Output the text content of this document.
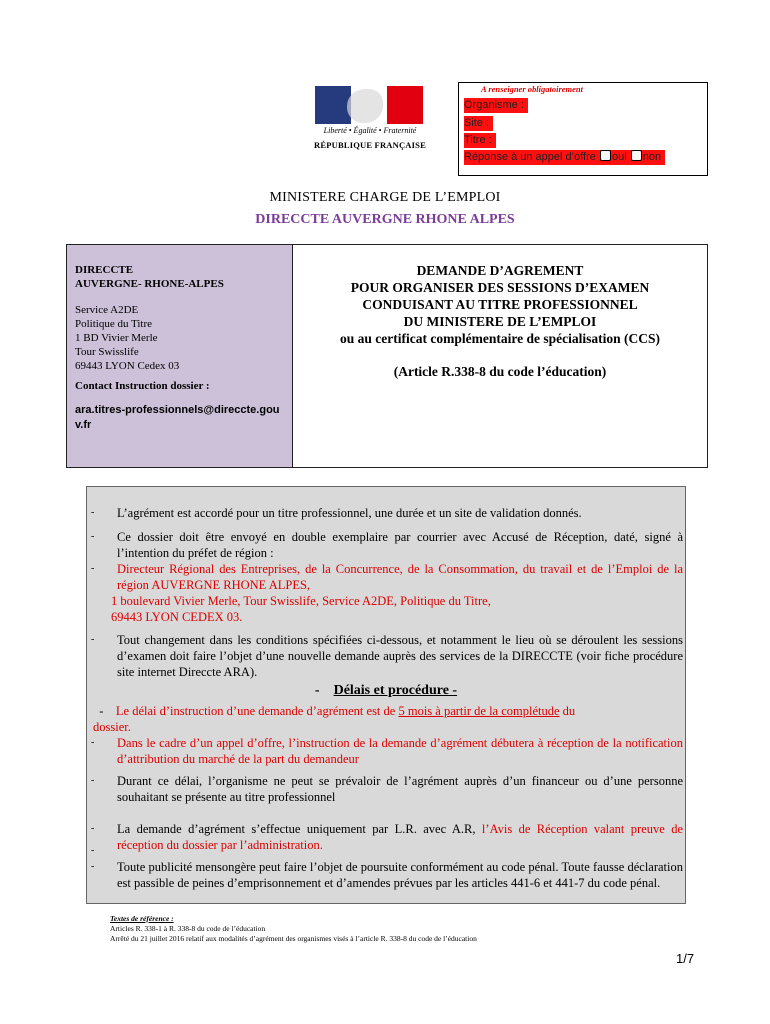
Liberté • Égalité • Fraternité
RÉPUBLIQUE FRANÇAISE
A renseigner obligatoirement
Organisme :
Site :
Titre :
Réponse à un appel d’offre oui non
MINISTERE CHARGE DE L’EMPLOI
DIRECCTE AUVERGNE RHONE ALPES
DIRECCTE
AUVERGNE- RHONE-ALPES
Service A2DE
Politique du Titre
1 BD Vivier Merle
Tour Swisslife
69443 LYON Cedex 03
Contact Instruction dossier :
ara.titres-professionnels@direccte.gouv.fr
DEMANDE D’AGREMENT
POUR ORGANISER DES SESSIONS D’EXAMEN
CONDUISANT AU TITRE PROFESSIONNEL
DU MINISTERE DE L’EMPLOI
ou au certificat complémentaire de spécialisation (CCS)
(Article R.338-8 du code l’éducation)
- L’agrément est accordé pour un titre professionnel, une durée et un site de validation donnés.
- Ce dossier doit être envoyé en double exemplaire par courrier avec Accusé de Réception, daté, signé à l’intention du préfet de région :
- Directeur Régional des Entreprises, de la Concurrence, de la Consommation, du travail et de l’Emploi de la région AUVERGNE RHONE ALPES,
1 boulevard Vivier Merle, Tour Swisslife, Service A2DE, Politique du Titre,
69443 LYON CEDEX 03.
- Tout changement dans les conditions spécifiées ci-dessous, et notamment le lieu où se déroulent les sessions d’examen doit faire l’objet d’une nouvelle demande auprès des services de la DIRECCTE (voir fiche procédure site internet Direccte ARA).
-    Délais et procédure -
-    Le délai d’instruction d’une demande d’agrément est de 5 mois à partir de la complétude du
dossier.
- Dans le cadre d’un appel d’offre, l’instruction de la demande d’agrément débutera à réception de la notification d’attribution du marché de la part du demandeur
- Durant ce délai, l’organisme ne peut se prévaloir de l’agrément auprès d’un financeur ou d’une personne souhaitant se présente au titre professionnel
- La demande d’agrément s’effectue uniquement par L.R. avec A.R, l’Avis de Réception valant preuve de réception du dossier par l’administration.
-
- Toute publicité mensongère peut faire l’objet de poursuite conformément au code pénal. Toute fausse déclaration est passible de peines d’emprisonnement et d’amendes prévues par les articles 441-6 et 441-7 du code pénal.
Textes de référence :
Articles R. 338-1 à R. 338-8 du code de l’éducation
Arrêté du 21 juillet 2016 relatif aux modalités d’agrément des organismes visés à l’article R. 338-8 du code de l’éducation
1/7
